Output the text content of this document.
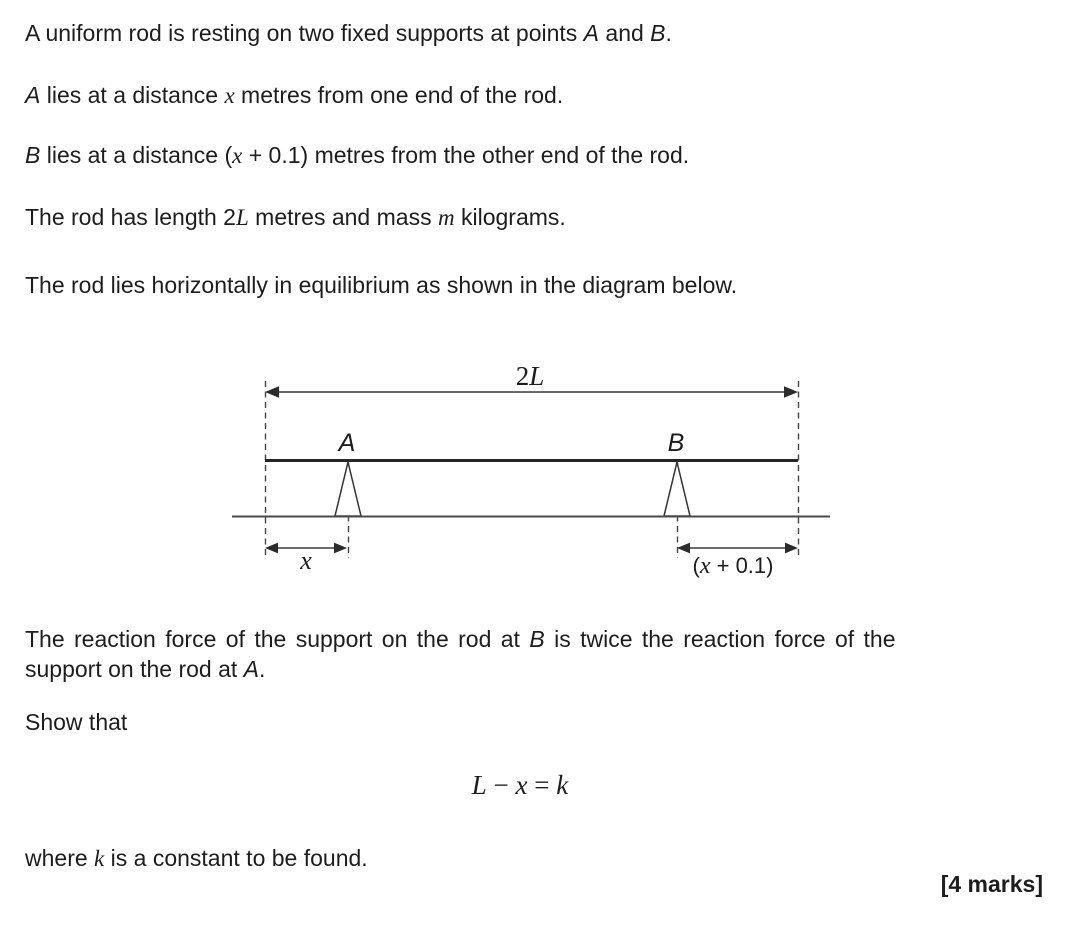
A uniform rod is resting on two fixed supports at points A and B.
A lies at a distance x metres from one end of the rod.
B lies at a distance (x + 0.1) metres from the other end of the rod.
The rod has length 2L metres and mass m kilograms.
The rod lies horizontally in equilibrium as shown in the diagram below.
2L
A	B
x	(x + 0.1)
The reaction force of the support on the rod at B is twice the reaction force of the
support on the rod at A.
Show that
L − x = k
where k is a constant to be found.
[4 marks]
